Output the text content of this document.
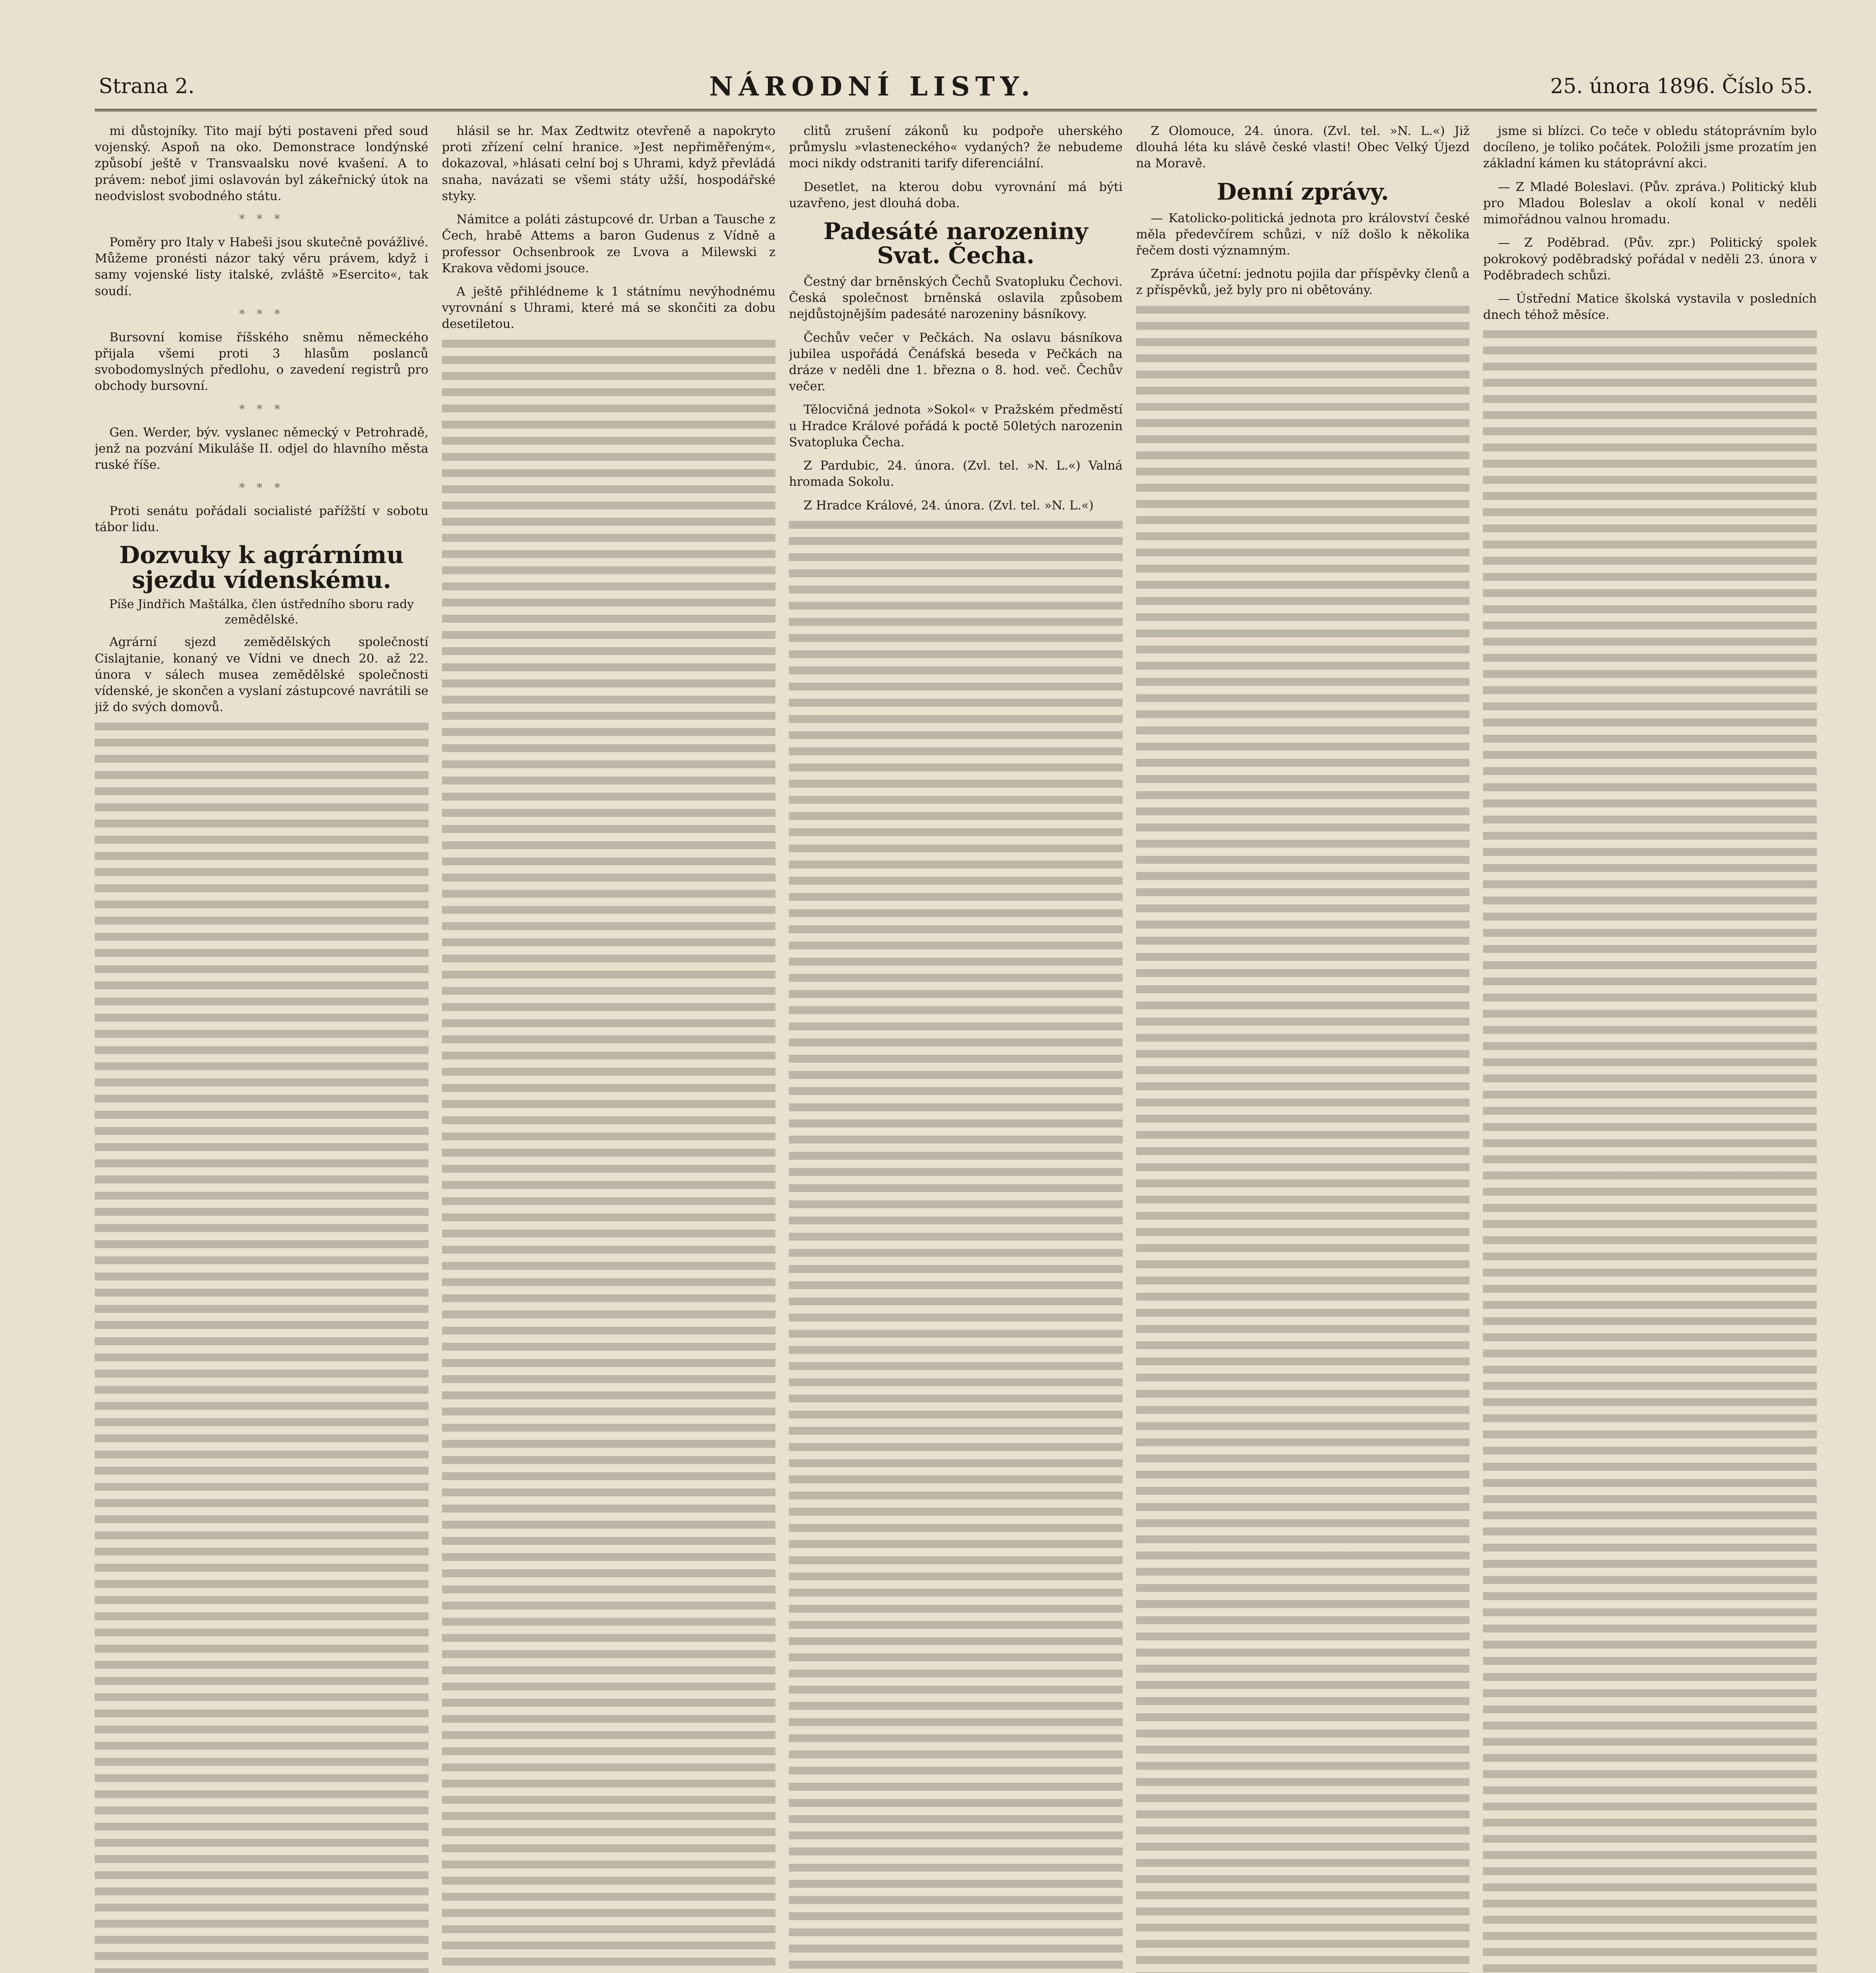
Strana 2.	NÁRODNÍ LISTY.	25. února 1896. Číslo 55.
mi důstojníky. Tito mají býti postaveni před soud vojenský. Aspoň na oko. Demonstrace londýnské způsobí ještě v Transvaalsku nové kvašení. A to právem: neboť jimi oslavován byl zákeřnický útok na neodvislost svobodného státu.
* * *
Poměry pro Italy v Habeši jsou skutečně povážlivé. Můžeme pronésti názor taký věru právem, když i samy vojenské listy italské, zvláště »Esercito«, tak soudí.
* * *
Bursovní komise říšského sněmu německého přijala všemi proti 3 hlasům poslanců svobodomyslných předlohu, o zavedení registrů pro obchody bursovní.
* * *
Gen. Werder, býv. vyslanec německý v Petrohradě, jenž na pozvání Mikuláše II. odjel do hlavního města ruské říše.
* * *
Proti senátu pořádali socialisté pařížští v sobotu tábor lidu.
Dozvuky k agrárnímu sjezdu vídenskému.
Píše Jindřich Maštálka, člen ústředního sboru rady zemědělské.
Agrární sjezd zemědělských společností Cislajtanie, konaný ve Vídni ve dnech 20. až 22. února v sálech musea zemědělské společnosti vídenské, je skončen a vyslaní zástupcové navrátili se již do svých domovů.
hlásil se hr. Max Zedtwitz otevřeně a napokryto proti zřízení celní hranice. »Jest nepřiměřeným«, dokazoval, »hlásati celní boj s Uhrami, když převládá snaha, navázati se všemi státy užší, hospodářské styky.
Námitce a poláti zástupcové dr. Urban a Tausche z Čech, hrabě Attems a baron Gudenus z Vídně a professor Ochsenbrook ze Lvova a Milewski z Krakova vědomi jsouce.
A ještě přihlédneme k 1 státnímu nevýhodnému vyrovnání s Uhrami, které má se skončiti za dobu desetiletou.
clitů zrušení zákonů ku podpoře uherského průmyslu »vlasteneckého« vydaných? že nebudeme moci nikdy odstraniti tarify diferenciální.
Desetlet, na kterou dobu vyrovnání má býti uzavřeno, jest dlouhá doba.
Padesáté narozeniny Svat. Čecha.
Čestný dar brněnských Čechů Svatopluku Čechovi. Česká společnost brněnská oslavila způsobem nejdůstojnějším padesáté narozeniny básníkovy.
Čechův večer v Pečkách. Na oslavu básníkova jubilea uspořádá Čenáfská beseda v Pečkách na dráze v neděli dne 1. března o 8. hod. več. Čechův večer.
Tělocvičná jednota »Sokol« v Pražském předměstí u Hradce Králové pořádá k poctě 50letých narozenin Svatopluka Čecha.
Z Pardubic, 24. února. (Zvl. tel. »N. L.«) Valná hromada Sokolu.
Z Hradce Králové, 24. února. (Zvl. tel. »N. L.«)
Z Olomouce, 24. února. (Zvl. tel. »N. L.«) Již dlouhá léta ku slávě české vlasti! Obec Velký Újezd na Moravě.
Denní zprávy.
— Katolicko-politická jednota pro království české měla předevčírem schůzi, v níž došlo k několika řečem dosti významným.
Zpráva účetní: jednotu pojila dar příspěvky členů a z příspěvků, jež byly pro ni obětovány.
jsme si blízci. Co teče v obledu státoprávním bylo docíleno, je toliko počátek. Položili jsme prozatím jen základní kámen ku státoprávní akci.
— Z Mladé Boleslavi. (Pův. zpráva.) Politický klub pro Mladou Boleslav a okolí konal v neděli mimořádnou valnou hromadu.
— Z Poděbrad. (Pův. zpr.) Politický spolek pokrokový poděbradský pořádal v neděli 23. února v Poděbradech schůzi.
— Ústřední Matice školská vystavila v posledních dnech téhož měsíce.
